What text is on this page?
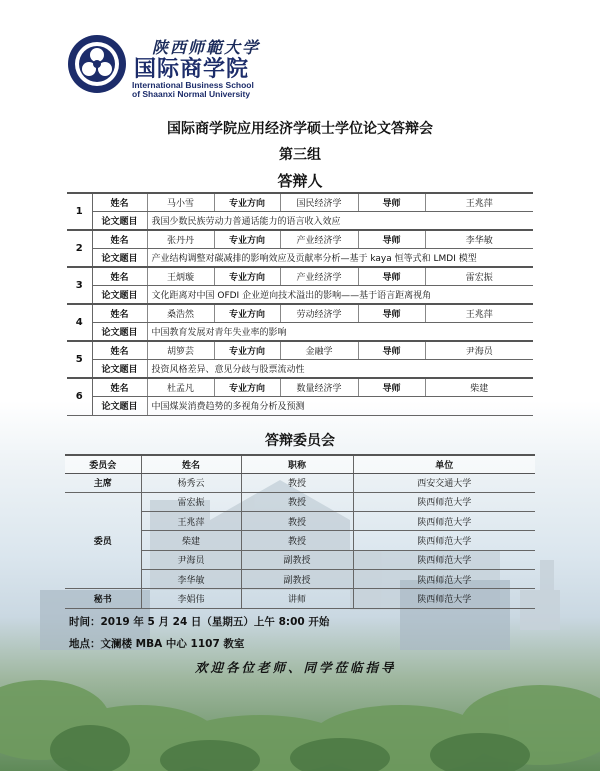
陕西师範大学
国际商学院
International Business School
of Shaanxi Normal University
国际商学院应用经济学硕士学位论文答辩会
第三组
答辩人
1	姓名	马小雪	专业方向	国民经济学	导师	王兆萍
	论文题目	我国少数民族劳动力普通话能力的语言收入效应				
2	姓名	张丹丹	专业方向	产业经济学	导师	李华敏
	论文题目	产业结构调整对碳减排的影响效应及贡献率分析—基于 kaya 恒等式和 LMDI 模型				
3	姓名	王炳璇	专业方向	产业经济学	导师	雷宏振
	论文题目	文化距离对中国 OFDI 企业逆向技术溢出的影响——基于语言距离视角				
4	姓名	桑浩然	专业方向	劳动经济学	导师	王兆萍
	论文题目	中国教育发展对青年失业率的影响				
5	姓名	胡箩芸	专业方向	金融学	导师	尹海员
	论文题目	投资风格差异、意见分歧与股票流动性				
6	姓名	杜孟凡	专业方向	数量经济学	导师	柴建
	论文题目	中国煤炭消费趋势的多视角分析及预测				
答辩委员会
委员会	姓名	职称	单位
主席	杨秀云	教授	西安交通大学
委员	雷宏振	教授	陕西师范大学
	王兆萍	教授	陕西师范大学
	柴建	教授	陕西师范大学
	尹海员	副教授	陕西师范大学
	李华敏	副教授	陕西师范大学
秘书	李娟伟	讲师	陕西师范大学
时间：2019 年 5 月 24 日（星期五）上午 8:00 开始
地点：文澜楼 MBA 中心 1107 教室
欢迎各位老师、同学莅临指导
